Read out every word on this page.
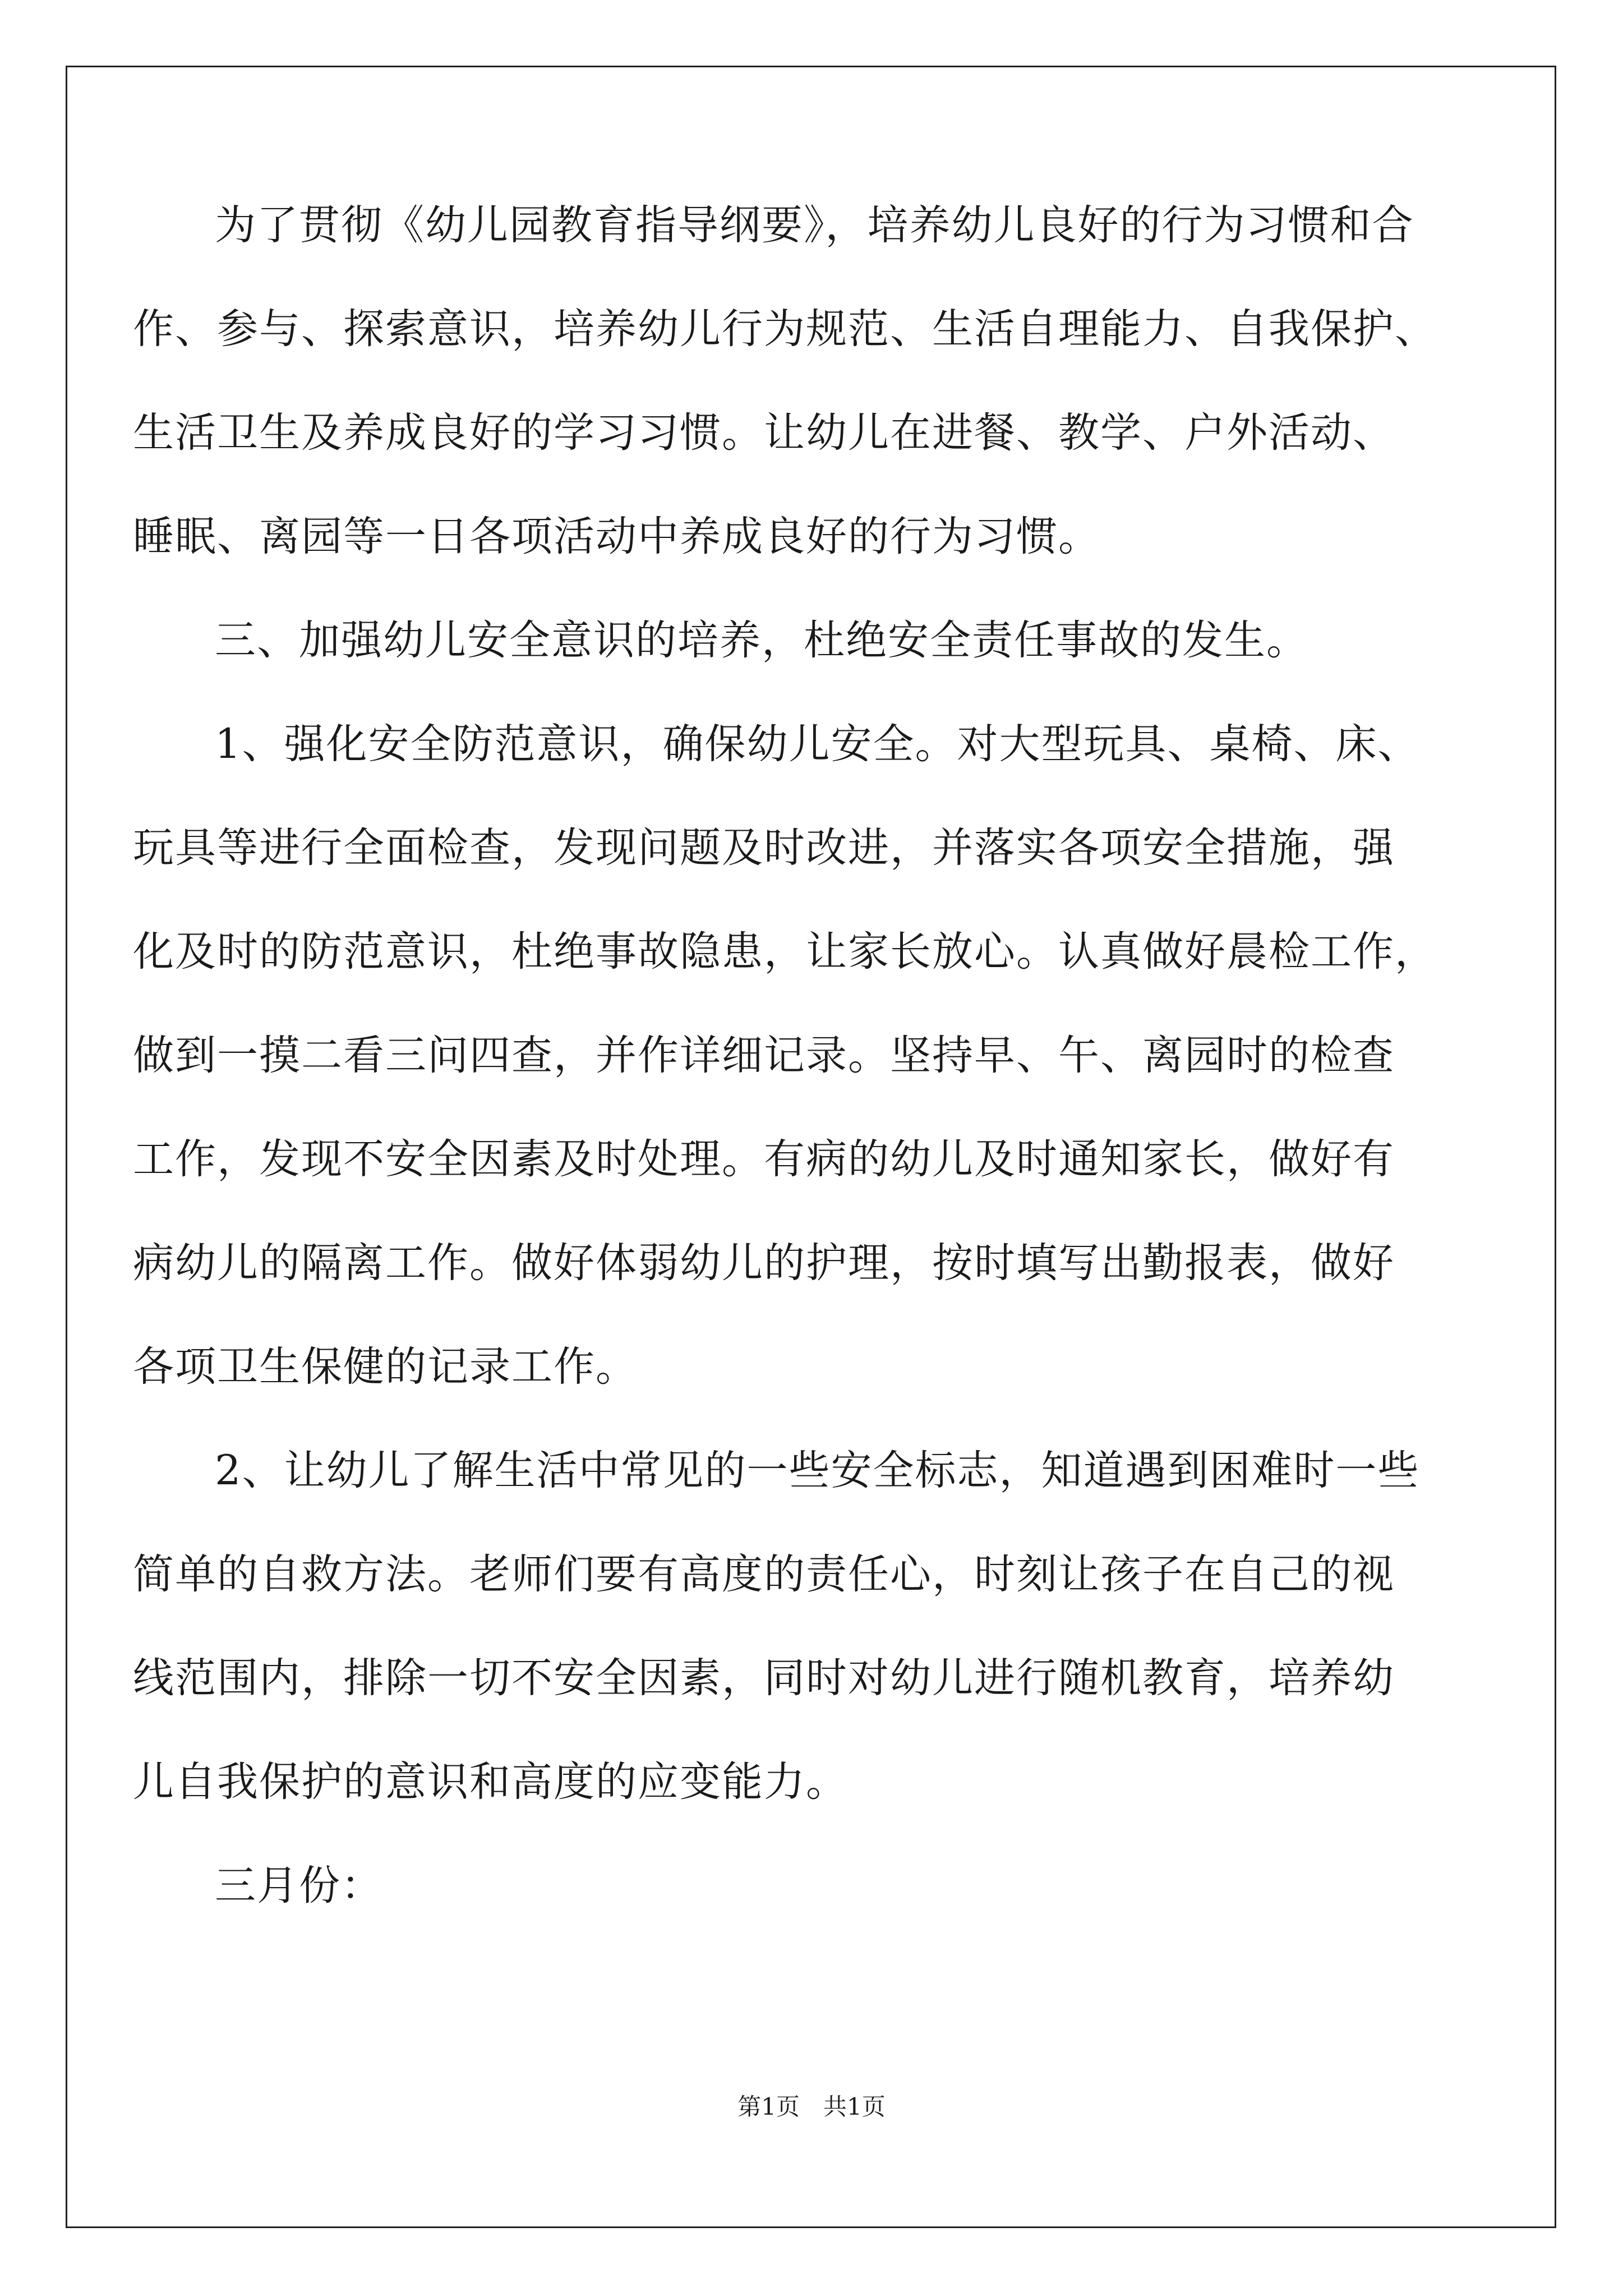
为了贯彻《幼儿园教育指导纲要》，培养幼儿良好的行为习惯和合
作、参与、探索意识，培养幼儿行为规范、生活自理能力、自我保护、
生活卫生及养成良好的学习习惯。让幼儿在进餐、教学、户外活动、
睡眠、离园等一日各项活动中养成良好的行为习惯。
三、加强幼儿安全意识的培养，杜绝安全责任事故的发生。
1、强化安全防范意识，确保幼儿安全。对大型玩具、桌椅、床、
玩具等进行全面检查，发现问题及时改进，并落实各项安全措施，强
化及时的防范意识，杜绝事故隐患，让家长放心。认真做好晨检工作，
做到一摸二看三问四查，并作详细记录。坚持早、午、离园时的检查
工作，发现不安全因素及时处理。有病的幼儿及时通知家长，做好有
病幼儿的隔离工作。做好体弱幼儿的护理，按时填写出勤报表，做好
各项卫生保健的记录工作。
2、让幼儿了解生活中常见的一些安全标志，知道遇到困难时一些
简单的自救方法。老师们要有高度的责任心，时刻让孩子在自己的视
线范围内，排除一切不安全因素，同时对幼儿进行随机教育，培养幼
儿自我保护的意识和高度的应变能力。
三月份：
第1页　共1页
